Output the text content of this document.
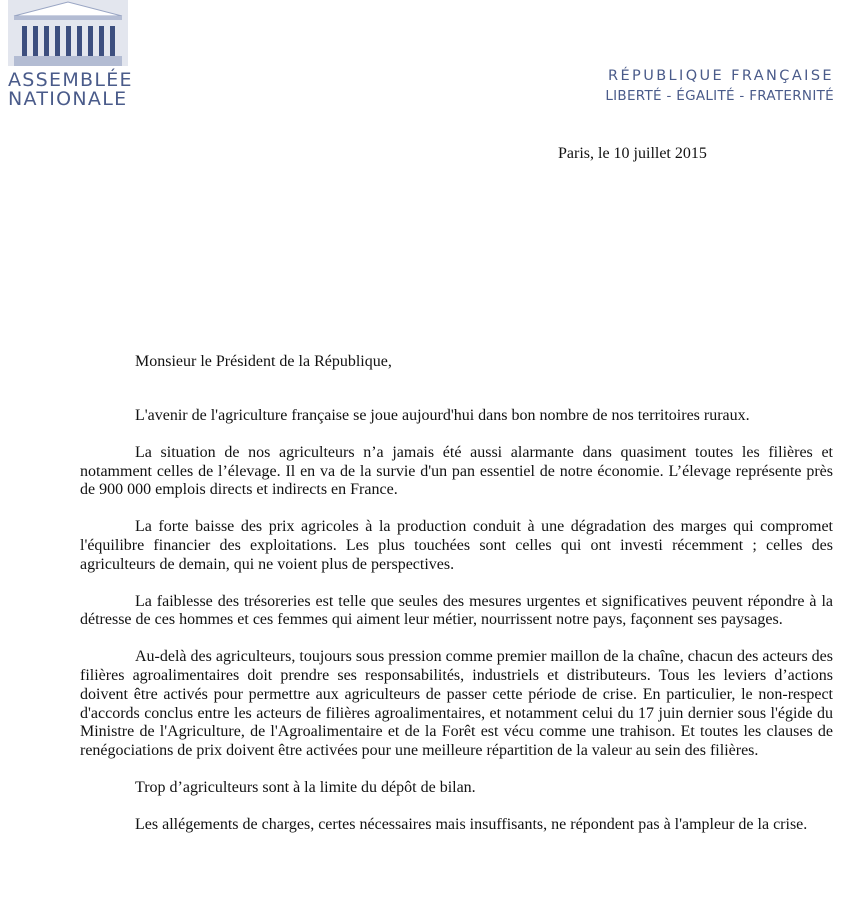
ASSEMBLÉE
NATIONALE
RÉPUBLIQUE FRANÇAISE
LIBERTÉ - ÉGALITÉ - FRATERNITÉ
Paris, le 10 juillet 2015
Monsieur le Président de la République,

L'avenir de l'agriculture française se joue aujourd'hui dans bon nombre de nos territoires ruraux.

La situation de nos agriculteurs n’a jamais été aussi alarmante dans quasiment toutes les filières et notamment celles de l’élevage. Il en va de la survie d'un pan essentiel de notre économie. L’élevage représente près de 900 000 emplois directs et indirects en France.

La forte baisse des prix agricoles à la production conduit à une dégradation des marges qui compromet l'équilibre financier des exploitations. Les plus touchées sont celles qui ont investi récemment ; celles des agriculteurs de demain, qui ne voient plus de perspectives.

La faiblesse des trésoreries est telle que seules des mesures urgentes et significatives peuvent répondre à la détresse de ces hommes et ces femmes qui aiment leur métier, nourrissent notre pays, façonnent ses paysages.

Au-delà des agriculteurs, toujours sous pression comme premier maillon de la chaîne, chacun des acteurs des filières agroalimentaires doit prendre ses responsabilités, industriels et distributeurs. Tous les leviers d’actions doivent être activés pour permettre aux agriculteurs de passer cette période de crise. En particulier, le non-respect d'accords conclus entre les acteurs de filières agroalimentaires, et notamment celui du 17 juin dernier sous l'égide du Ministre de l'Agriculture, de l'Agroalimentaire et de la Forêt est vécu comme une trahison. Et toutes les clauses de renégociations de prix doivent être activées pour une meilleure répartition de la valeur au sein des filières.

Trop d’agriculteurs sont à la limite du dépôt de bilan.

Les allégements de charges, certes nécessaires mais insuffisants, ne répondent pas à l'ampleur de la crise.
